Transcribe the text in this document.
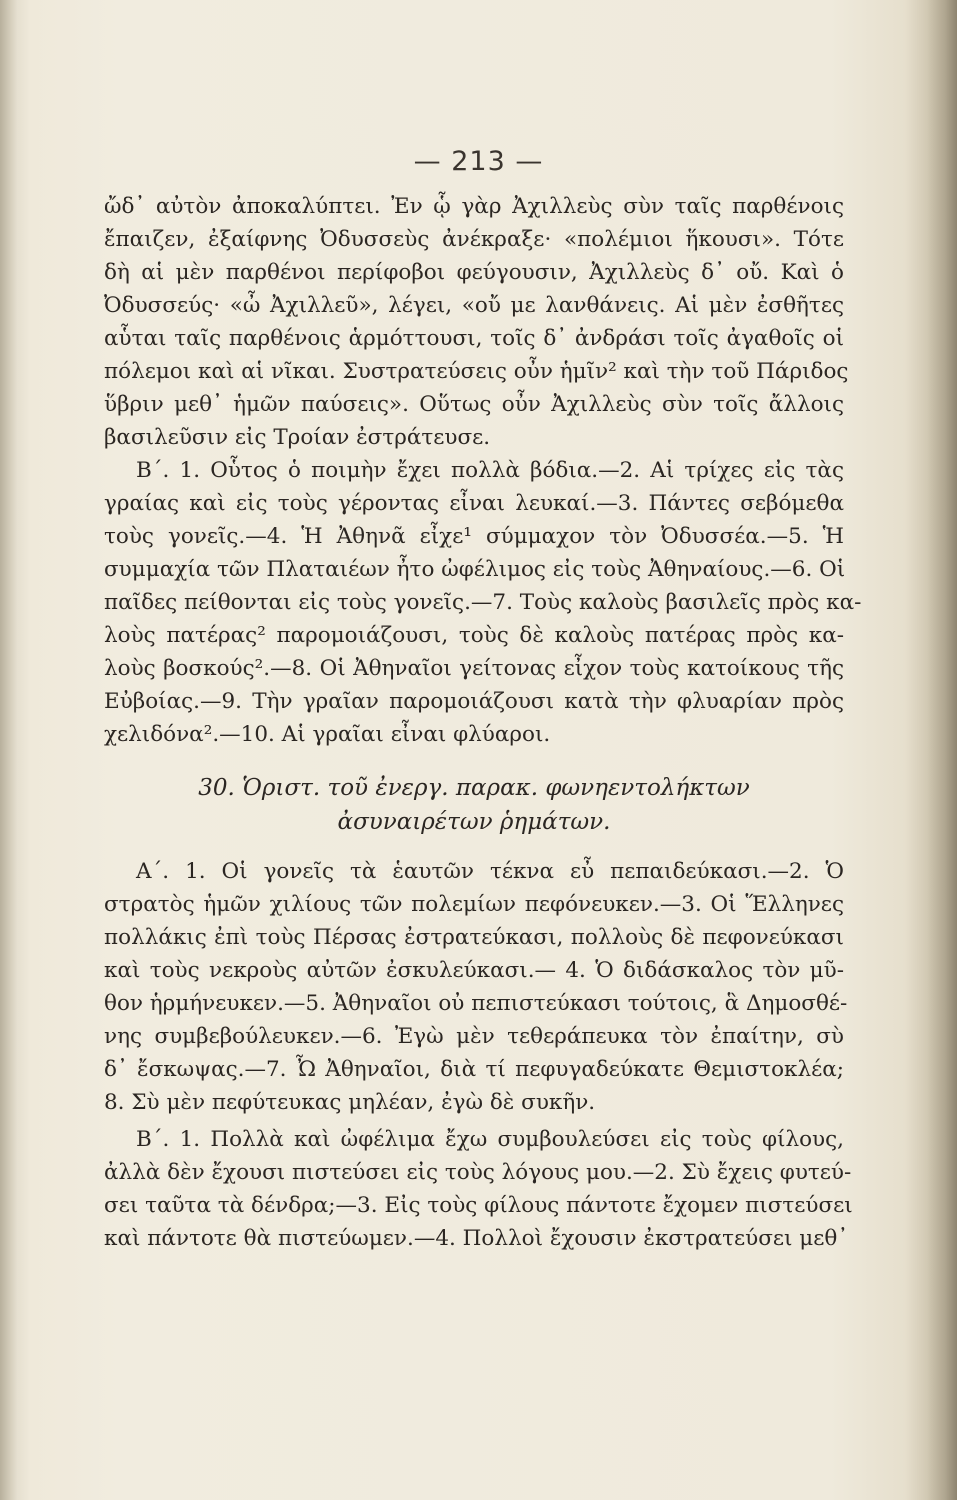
— 213 —
ὤδ᾽ αὐτὸν ἀποκαλύπτει. Ἐν ᾧ γὰρ Ἀχιλλεὺς σὺν ταῖς παρθένοις
ἔπαιζεν, ἐξαίφνης Ὀδυσσεὺς ἀνέκραξε· «πολέμιοι ἥκουσι». Τότε
δὴ αἱ μὲν παρθένοι περίφοβοι φεύγουσιν, Ἀχιλλεὺς δ᾽ οὔ. Καὶ ὁ
Ὀδυσσεύς· «ὦ Ἀχιλλεῦ», λέγει, «οὔ με λανθάνεις. Αἱ μὲν ἐσθῆτες
αὗται ταῖς παρθένοις ἁρμόττουσι, τοῖς δ᾽ ἀνδράσι τοῖς ἀγαθοῖς οἱ
πόλεμοι καὶ αἱ νῖκαι. Συστρατεύσεις οὖν ἡμῖν² καὶ τὴν τοῦ Πάριδος
ὕβριν μεθ᾽ ἡμῶν παύσεις». Οὕτως οὖν Ἀχιλλεὺς σὺν τοῖς ἄλλοις
βασιλεῦσιν εἰς Τροίαν ἐστράτευσε.
Β΄. 1. Οὗτος ὁ ποιμὴν ἔχει πολλὰ βόδια.—2. Αἱ τρίχες εἰς τὰς
γραίας καὶ εἰς τοὺς γέροντας εἶναι λευκαί.—3. Πάντες σεβόμεθα
τοὺς γονεῖς.—4. Ἡ Ἀθηνᾶ εἶχε¹ σύμμαχον τὸν Ὀδυσσέα.—5. Ἡ
συμμαχία τῶν Πλαταιέων ἦτο ὠφέλιμος εἰς τοὺς Ἀθηναίους.—6. Οἱ
παῖδες πείθονται εἰς τοὺς γονεῖς.—7. Τοὺς καλοὺς βασιλεῖς πρὸς κα-
λοὺς πατέρας² παρομοιάζουσι, τοὺς δὲ καλοὺς πατέρας πρὸς κα-
λοὺς βοσκούς².—8. Οἱ Ἀθηναῖοι γείτονας εἶχον τοὺς κατοίκους τῆς
Εὐβοίας.—9. Τὴν γραῖαν παρομοιάζουσι κατὰ τὴν φλυαρίαν πρὸς
χελιδόνα².—10. Αἱ γραῖαι εἶναι φλύαροι.
30. Ὁριστ. τοῦ ἐνεργ. παρακ. φωνηεντολήκτων
ἀσυναιρέτων ῥημάτων.
Α΄. 1. Οἱ γονεῖς τὰ ἑαυτῶν τέκνα εὖ πεπαιδεύκασι.—2. Ὁ
στρατὸς ἡμῶν χιλίους τῶν πολεμίων πεφόνευκεν.—3. Οἱ Ἕλληνες
πολλάκις ἐπὶ τοὺς Πέρσας ἐστρατεύκασι, πολλοὺς δὲ πεφονεύκασι
καὶ τοὺς νεκροὺς αὐτῶν ἐσκυλεύκασι.— 4. Ὁ διδάσκαλος τὸν μῦ-
θον ἡρμήνευκεν.—5. Ἀθηναῖοι οὐ πεπιστεύκασι τούτοις, ἃ Δημοσθέ-
νης συμβεβούλευκεν.—6. Ἐγὼ μὲν τεθεράπευκα τὸν ἐπαίτην, σὺ
δ᾽ ἔσκωψας.—7. Ὦ Ἀθηναῖοι, διὰ τί πεφυγαδεύκατε Θεμιστοκλέα;
8. Σὺ μὲν πεφύτευκας μηλέαν, ἐγὼ δὲ συκῆν.
Β΄. 1. Πολλὰ καὶ ὠφέλιμα ἔχω συμβουλεύσει εἰς τοὺς φίλους,
ἀλλὰ δὲν ἔχουσι πιστεύσει εἰς τοὺς λόγους μου.—2. Σὺ ἔχεις φυτεύ-
σει ταῦτα τὰ δένδρα;—3. Εἰς τοὺς φίλους πάντοτε ἔχομεν πιστεύσει
καὶ πάντοτε θὰ πιστεύωμεν.—4. Πολλοὶ ἔχουσιν ἐκστρατεύσει μεθ᾽
